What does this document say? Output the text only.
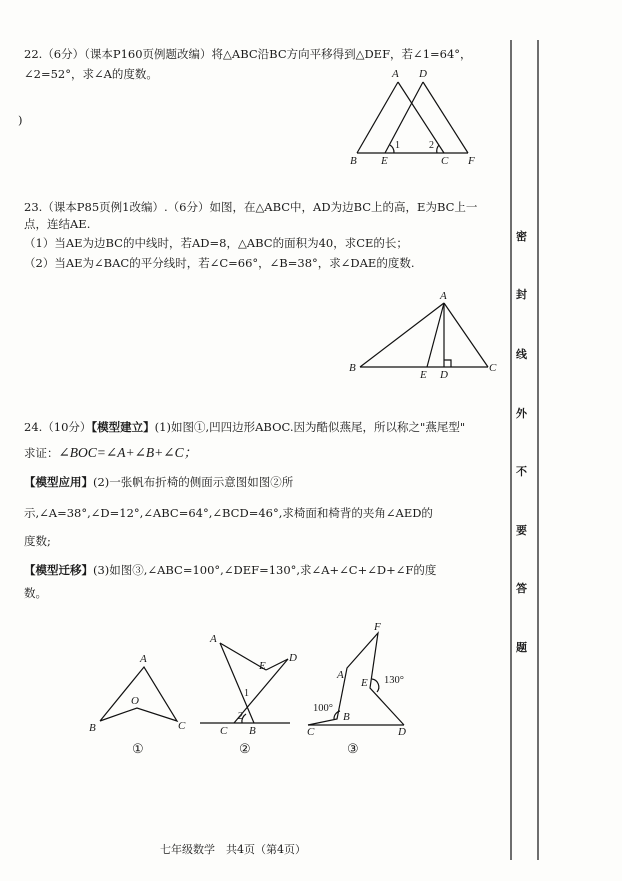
22.（6分）（课本P160页例题改编）将△ABC沿BC方向平移得到△DEF，若∠1=64°，
∠2=52°，求∠A的度数。
)
A D
B E	C F
1	2
23.（课本P85页例1改编）.（6分）如图，在△ABC中，AD为边BC上的高，E为BC上一
点，连结AE.
（1）当AE为边BC的中线时，若AD=8，△ABC的面积为40，求CE的长；
（2）当AE为∠BAC的平分线时，若∠C=66°，∠B=38°，求∠DAE的度数.
A
B
E D
C
24.（10分）【模型建立】(1)如图①,凹四边形ABOC.因为酷似燕尾，所以称之"燕尾型"
求证：∠BOC=∠A+∠B+∠C；
【模型应用】(2)一张帆布折椅的侧面示意图如图②所
示,∠A=38°,∠D=12°,∠ABC=64°,∠BCD=46°,求椅面和椅背的夹角∠AED的
度数;
【模型迁移】(3)如图③,∠ABC=100°,∠DEF=130°,求∠A+∠C+∠D+∠F的度
数。
A
O
B	C
①
A
E
D
1
2
C B
②
F
A
E 130°
100°
B
C	D
③
密
封
线
外
不
要
答
题
七年级数学　共4页（第4页）
